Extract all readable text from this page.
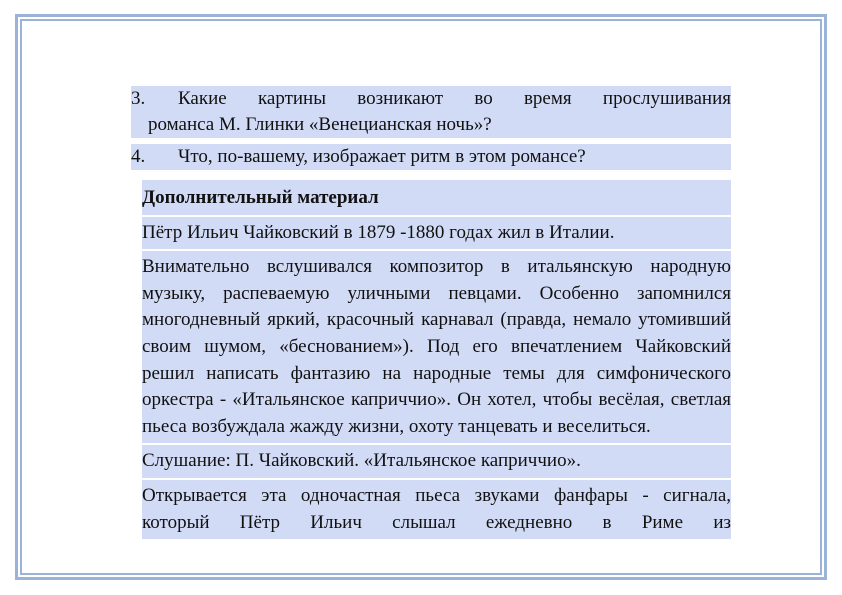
3. Какие картины возникают во время прослушивания
романса М. Глинки «Венецианская ночь»?
4. Что, по-вашему, изображает ритм в этом романсе?
Дополнительный материал
Пётр Ильич Чайковский в 1879 -1880 годах жил в Италии.
Внимательно вслушивался композитор в итальянскую народную музыку, распеваемую уличными певцами. Особенно запомнился многодневный яркий, красочный карнавал (правда, немало утомивший своим шумом, «беснованием»). Под его впечатлением Чайковский решил написать фантазию на народные темы для симфонического оркестра - «Итальянское каприччио». Он хотел, чтобы весёлая, светлая пьеса возбуждала жажду жизни, охоту танцевать и веселиться.
Слушание: П. Чайковский. «Итальянское каприччио».
Открывается эта одночастная пьеса звуками фанфары - сигнала, который Пётр Ильич слышал ежедневно в Риме из
